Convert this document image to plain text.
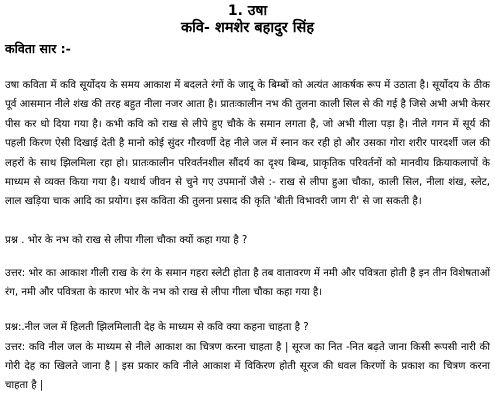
1. उषा
कवि- शमशेर बहादुर सिंह
कविता सार :-
उषा कविता में कवि सूर्योदय के समय आकाश में बदलते रंगों के जादू के बिम्बों को अत्यंत आकर्षक रूप में उठाता है। सूर्योदय के ठीक पूर्व आसमान नीले शंख की तरह बहुत नीला नजर आता है। प्रातःकालीन नभ की तुलना काली सिल से की गई है जिसे अभी अभी केसर पीस कर धो दिया गया है। कभी कवि को राख से लीपे हुए चौके के समान लगता है, जो अभी गीला पड़ा है। नीले गगन में सूर्य की पहली किरण ऐसी दिखाई देती है मानो कोई सुंदर गौरवर्णी देह नीले जल में स्नान कर रही हो और उसका गोरा शरीर पारदर्शी जल की लहरों के साथ झिलमिला रहा हो। प्रातःकालीन परिवर्तनशील सौंदर्य का दृश्य बिम्ब, प्राकृतिक परिवर्तनों को मानवीय क्रियाकलापों के माध्यम से व्यक्त किया गया है। यथार्थ जीवन से चुने गए उपमानों जैसे :- राख से लीपा हुआ चौका, काली सिल, नीला शंख, स्लेट, लाल खड़िया चाक आदि का प्रयोग। इस कविता की तुलना प्रसाद की कृति 'बीती विभावरी जाग री' से जा सकती है।
प्रश्न . भोर के नभ को राख से लीपा गीला चौका क्यों कहा गया है ?
उत्तर: भोर का आकाश गीली राख के रंग के समान गहरा स्लेटी होता है तब वातावरण में नमी और पवित्रता होती है इन तीन विशेषताओं रंग, नमी और पवित्रता के कारण भोर के नभ को राख से लीपा गीला चौका कहा गया है।
प्रश्न:.नील जल में हिलती झिलमिलाती देह के माध्यम से कवि क्या कहना चाहता है ?
उत्तर: कवि नील जल के माध्यम से नीले आकाश का चित्रण करना चाहता है | सूरज का नित -नित बढ़ते जाना किसी रूपसी नारी की गोरी देह का खिलते जाना है | इस प्रकार कवि नीले आकाश में विकिरण होती सूरज की धवल किरणों के प्रकाश का चित्रण करना चाहता है |
